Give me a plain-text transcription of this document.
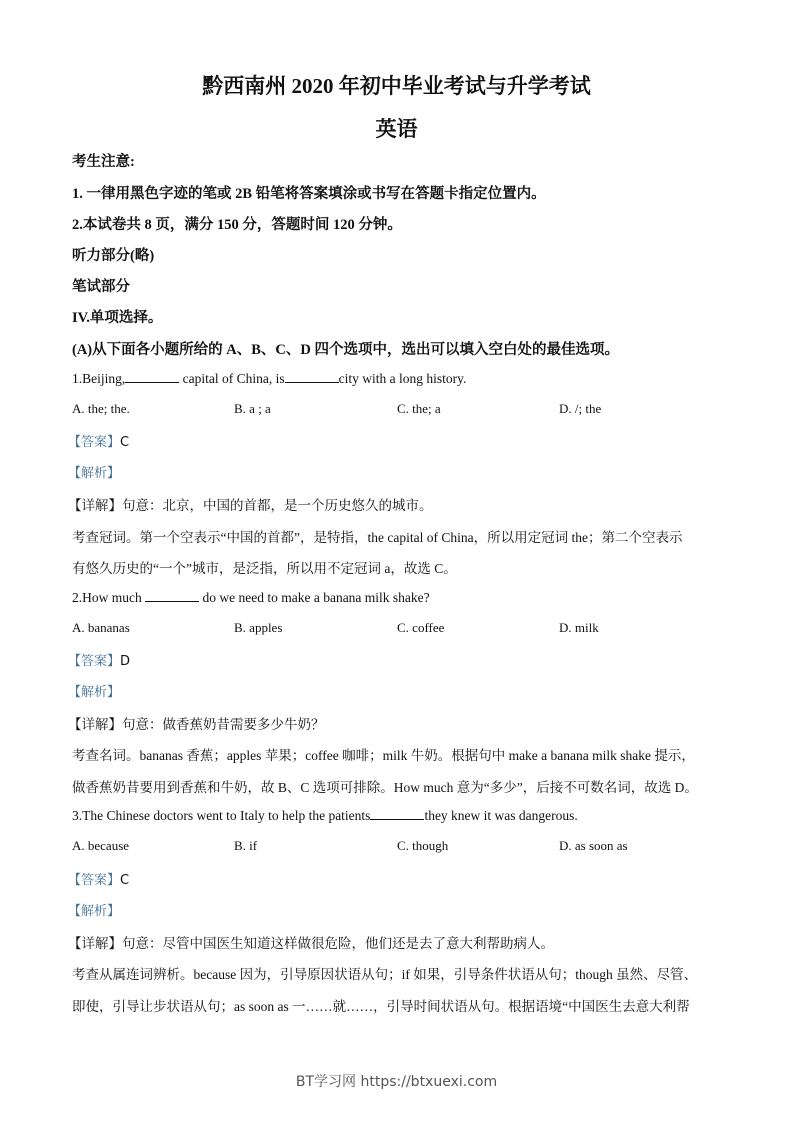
黔西南州 2020 年初中毕业考试与升学考试
英语
考生注意:
1. 一律用黑色字迹的笔或 2B 铅笔将答案填涂或书写在答题卡指定位置内。
2.本试卷共 8 页，满分 150 分，答题时间 120 分钟。
听力部分(略)
笔试部分
IV.单项选择。
(A)从下面各小题所给的 A、B、C、D 四个选项中，选出可以填入空白处的最佳选项。
1.Beijing,	capital of China, is	city with a long history.
A. the; the.	B. a ; a	C. the; a	D. /; the
【答案】C
【解析】
【详解】句意：北京，中国的首都，是一个历史悠久的城市。
考查冠词。第一个空表示“中国的首都”，是特指，the capital of China，所以用定冠词 the；第二个空表示
有悠久历史的“一个”城市，是泛指，所以用不定冠词 a，故选 C。
2.How much	do we need to make a banana milk shake?
A. bananas	B. apples	C. coffee	D. milk
【答案】D
【解析】
【详解】句意：做香蕉奶昔需要多少牛奶？
考查名词。bananas 香蕉；apples 苹果；coffee 咖啡；milk 牛奶。根据句中 make a banana milk shake 提示，
做香蕉奶昔要用到香蕉和牛奶，故 B、C 选项可排除。How much 意为“多少”，后接不可数名词，故选 D。
3.The Chinese doctors went to Italy to help the patients	they knew it was dangerous.
A. because	B. if	C. though	D. as soon as
【答案】C
【解析】
【详解】句意：尽管中国医生知道这样做很危险，他们还是去了意大利帮助病人。
考查从属连词辨析。because 因为，引导原因状语从句；if 如果，引导条件状语从句；though 虽然、尽管、
即使，引导让步状语从句；as soon as 一……就……，引导时间状语从句。根据语境“中国医生去意大利帮
BT学习网 https://btxuexi.com
